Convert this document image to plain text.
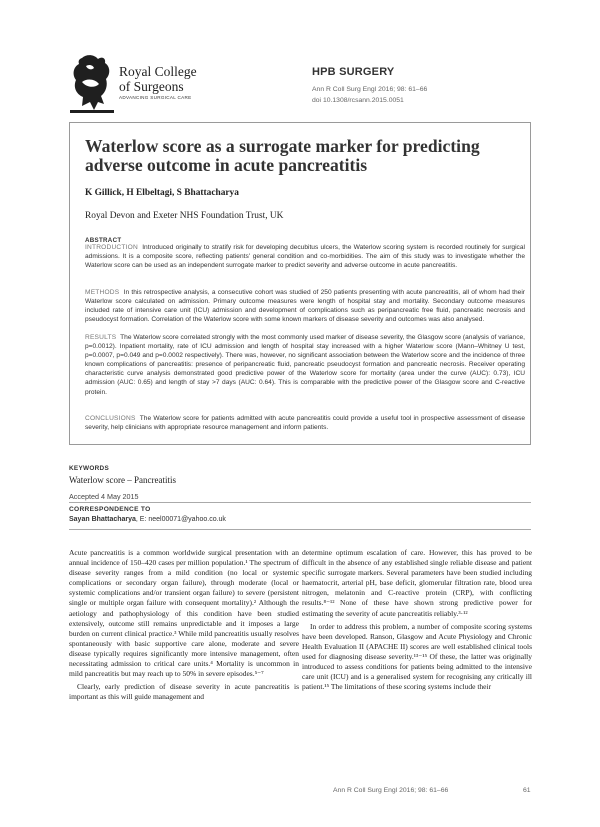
Royal College
of Surgeons
ADVANCING SURGICAL CARE
HPB SURGERY
Ann R Coll Surg Engl 2016; 98: 61–66
doi 10.1308/rcsann.2015.0051
Waterlow score as a surrogate marker for predicting adverse outcome in acute pancreatitis
K Gillick, H Elbeltagi, S Bhattacharya
Royal Devon and Exeter NHS Foundation Trust, UK
ABSTRACT

INTRODUCTION Introduced originally to stratify risk for developing decubitus ulcers, the Waterlow scoring system is recorded routinely for surgical admissions. It is a composite score, reflecting patients' general condition and co-morbidities. The aim of this study was to investigate whether the Waterlow score can be used as an independent surrogate marker to predict severity and adverse outcome in acute pancreatitis.

METHODS In this retrospective analysis, a consecutive cohort was studied of 250 patients presenting with acute pancreatitis, all of whom had their Waterlow score calculated on admission. Primary outcome measures were length of hospital stay and mortality. Secondary outcome measures included rate of intensive care unit (ICU) admission and development of complications such as peripancreatic free fluid, pancreatic necrosis and pseudocyst formation. Correlation of the Waterlow score with some known markers of disease severity and outcomes was also analysed.

RESULTS The Waterlow score correlated strongly with the most commonly used marker of disease severity, the Glasgow score (analysis of variance, p=0.0012). Inpatient mortality, rate of ICU admission and length of hospital stay increased with a higher Waterlow score (Mann–Whitney U test, p=0.0007, p=0.049 and p=0.0002 respectively). There was, however, no significant association between the Waterlow score and the incidence of three known complications of pancreatitis: presence of peripancreatic fluid, pancreatic pseudocyst formation and pancreatic necrosis. Receiver operating characteristic curve analysis demonstrated good predictive power of the Waterlow score for mortality (area under the curve (AUC): 0.73), ICU admission (AUC: 0.65) and length of stay >7 days (AUC: 0.64). This is comparable with the predictive power of the Glasgow score and C-reactive protein.

CONCLUSIONS The Waterlow score for patients admitted with acute pancreatitis could provide a useful tool in prospective assessment of disease severity, help clinicians with appropriate resource management and inform patients.

KEYWORDS
Waterlow score – Pancreatitis
Accepted 4 May 2015
CORRESPONDENCE TO
Sayan Bhattacharya, E: neel00071@yahoo.co.uk

Acute pancreatitis is a common worldwide surgical presentation with an annual incidence of 150–420 cases per million population.¹ The spectrum of disease severity ranges from a mild condition (no local or systemic complications or secondary organ failure), through moderate (local or systemic complications and/or transient organ failure) to severe (persistent single or multiple organ failure with consequent mortality).² Although the aetiology and pathophysiology of this condition have been studied extensively, outcome still remains unpredictable and it imposes a large burden on current clinical practice.³ While mild pancreatitis usually resolves spontaneously with basic supportive care alone, moderate and severe disease typically requires significantly more intensive management, often necessitating admission to critical care units.⁴ Mortality is uncommon in mild pancreatitis but may reach up to 50% in severe episodes.⁵⁻⁷

Clearly, early prediction of disease severity in acute pancreatitis is important as this will guide management and

determine optimum escalation of care. However, this has proved to be difficult in the absence of any established single reliable disease and patient specific surrogate markers. Several parameters have been studied including haematocrit, arterial pH, base deficit, glomerular filtration rate, blood urea nitrogen, melatonin and C-reactive protein (CRP), with conflicting results.⁸⁻¹² None of these have shown strong predictive power for estimating the severity of acute pancreatitis reliably.³·¹²

In order to address this problem, a number of composite scoring systems have been developed. Ranson, Glasgow and Acute Physiology and Chronic Health Evaluation II (APACHE II) scores are well established clinical tools used for diagnosing disease severity.¹³⁻¹⁵ Of these, the latter was originally introduced to assess conditions for patients being admitted to the intensive care unit (ICU) and is a generalised system for recognising any critically ill patient.¹⁵ The limitations of these scoring systems include their

Ann R Coll Surg Engl 2016; 98: 61–66	61
